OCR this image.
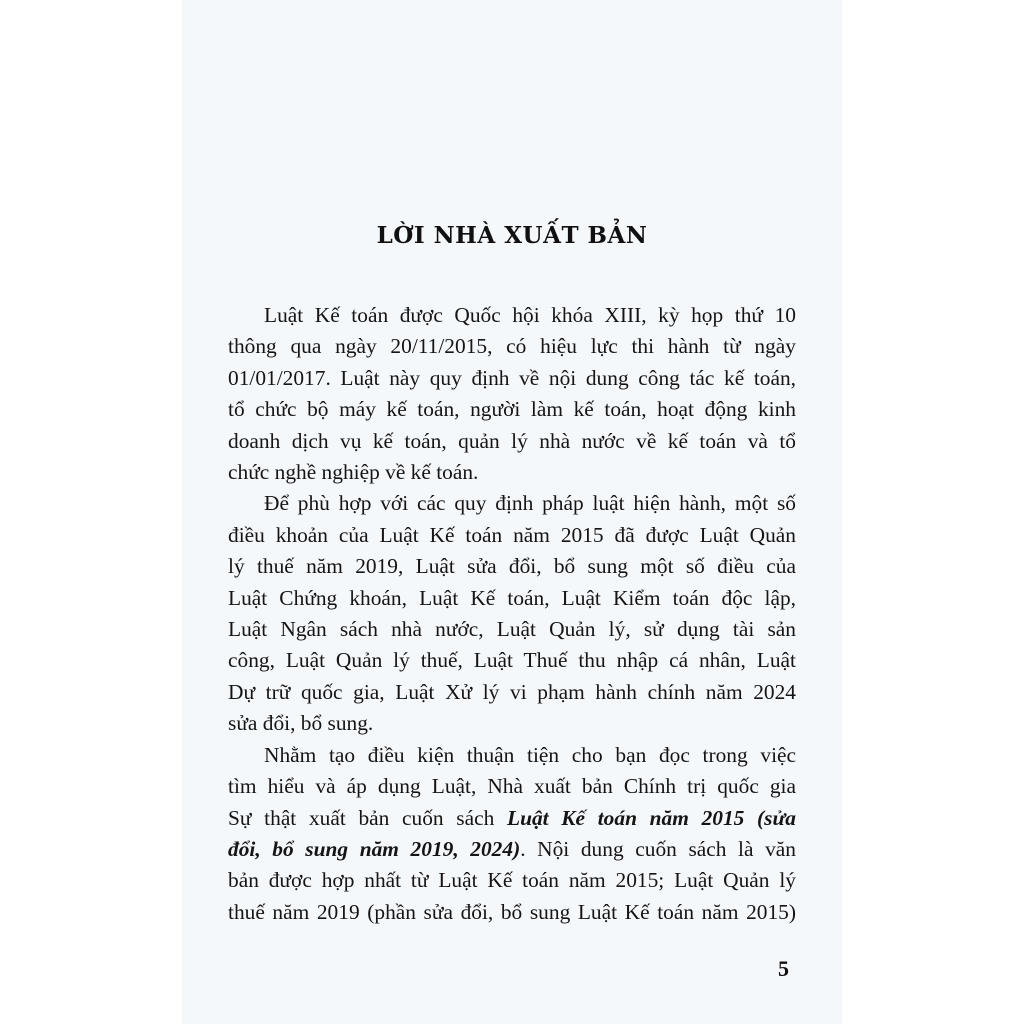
LỜI NHÀ XUẤT BẢN

Luật Kế toán được Quốc hội khóa XIII, kỳ họp thứ 10
thông qua ngày 20/11/2015, có hiệu lực thi hành từ ngày
01/01/2017. Luật này quy định về nội dung công tác kế toán,
tổ chức bộ máy kế toán, người làm kế toán, hoạt động kinh
doanh dịch vụ kế toán, quản lý nhà nước về kế toán và tổ
chức nghề nghiệp về kế toán.

Để phù hợp với các quy định pháp luật hiện hành, một số
điều khoản của Luật Kế toán năm 2015 đã được Luật Quản
lý thuế năm 2019, Luật sửa đổi, bổ sung một số điều của
Luật Chứng khoán, Luật Kế toán, Luật Kiểm toán độc lập,
Luật Ngân sách nhà nước, Luật Quản lý, sử dụng tài sản
công, Luật Quản lý thuế, Luật Thuế thu nhập cá nhân, Luật
Dự trữ quốc gia, Luật Xử lý vi phạm hành chính năm 2024
sửa đổi, bổ sung.

Nhằm tạo điều kiện thuận tiện cho bạn đọc trong việc
tìm hiểu và áp dụng Luật, Nhà xuất bản Chính trị quốc gia
Sự thật xuất bản cuốn sách Luật Kế toán năm 2015 (sửa
đổi, bổ sung năm 2019, 2024). Nội dung cuốn sách là văn
bản được hợp nhất từ Luật Kế toán năm 2015; Luật Quản lý
thuế năm 2019 (phần sửa đổi, bổ sung Luật Kế toán năm 2015)

5
